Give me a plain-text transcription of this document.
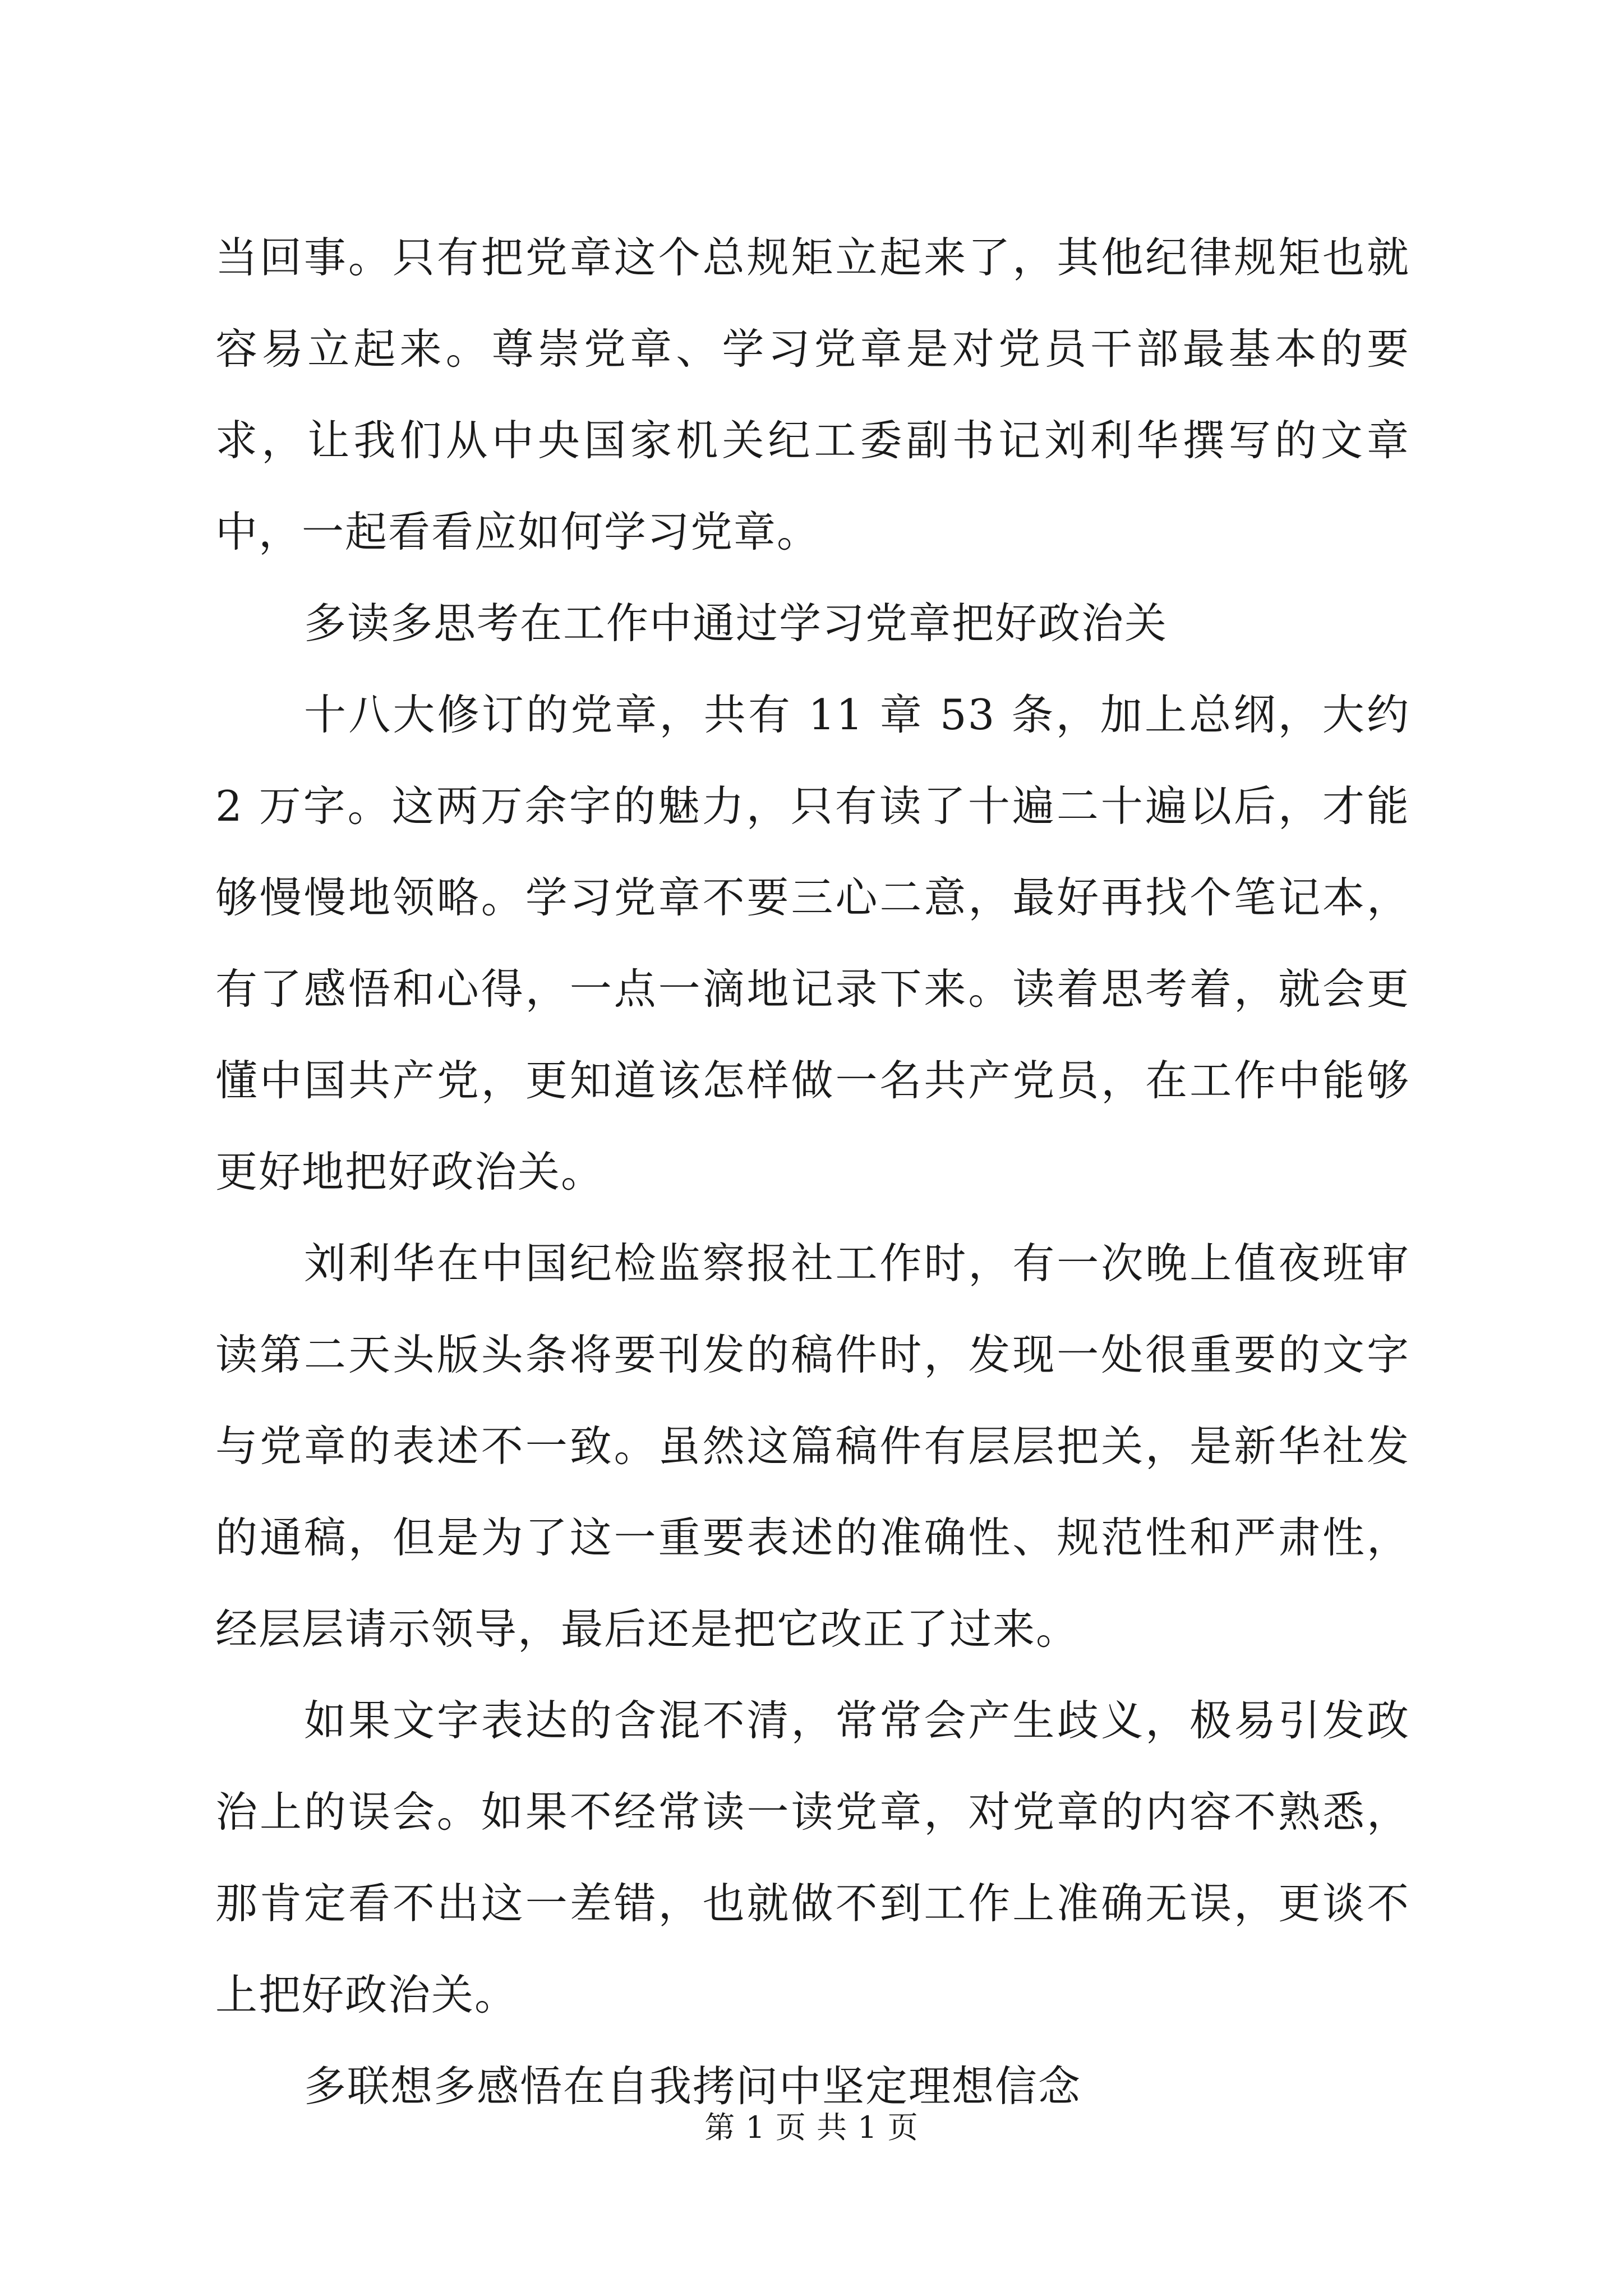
当回事。只有把党章这个总规矩立起来了，其他纪律规矩也就容易立起来。尊崇党章、学习党章是对党员干部最基本的要求，让我们从中央国家机关纪工委副书记刘利华撰写的文章中，一起看看应如何学习党章。

多读多思考在工作中通过学习党章把好政治关

十八大修订的党章，共有 11 章 53 条，加上总纲，大约 2 万字。这两万余字的魅力，只有读了十遍二十遍以后，才能够慢慢地领略。学习党章不要三心二意，最好再找个笔记本，有了感悟和心得，一点一滴地记录下来。读着思考着，就会更懂中国共产党，更知道该怎样做一名共产党员，在工作中能够更好地把好政治关。

刘利华在中国纪检监察报社工作时，有一次晚上值夜班审读第二天头版头条将要刊发的稿件时，发现一处很重要的文字与党章的表述不一致。虽然这篇稿件有层层把关，是新华社发的通稿，但是为了这一重要表述的准确性、规范性和严肃性，经层层请示领导，最后还是把它改正了过来。

如果文字表达的含混不清，常常会产生歧义，极易引发政治上的误会。如果不经常读一读党章，对党章的内容不熟悉，那肯定看不出这一差错，也就做不到工作上准确无误，更谈不上把好政治关。

多联想多感悟在自我拷问中坚定理想信念

第 1 页 共 1 页
